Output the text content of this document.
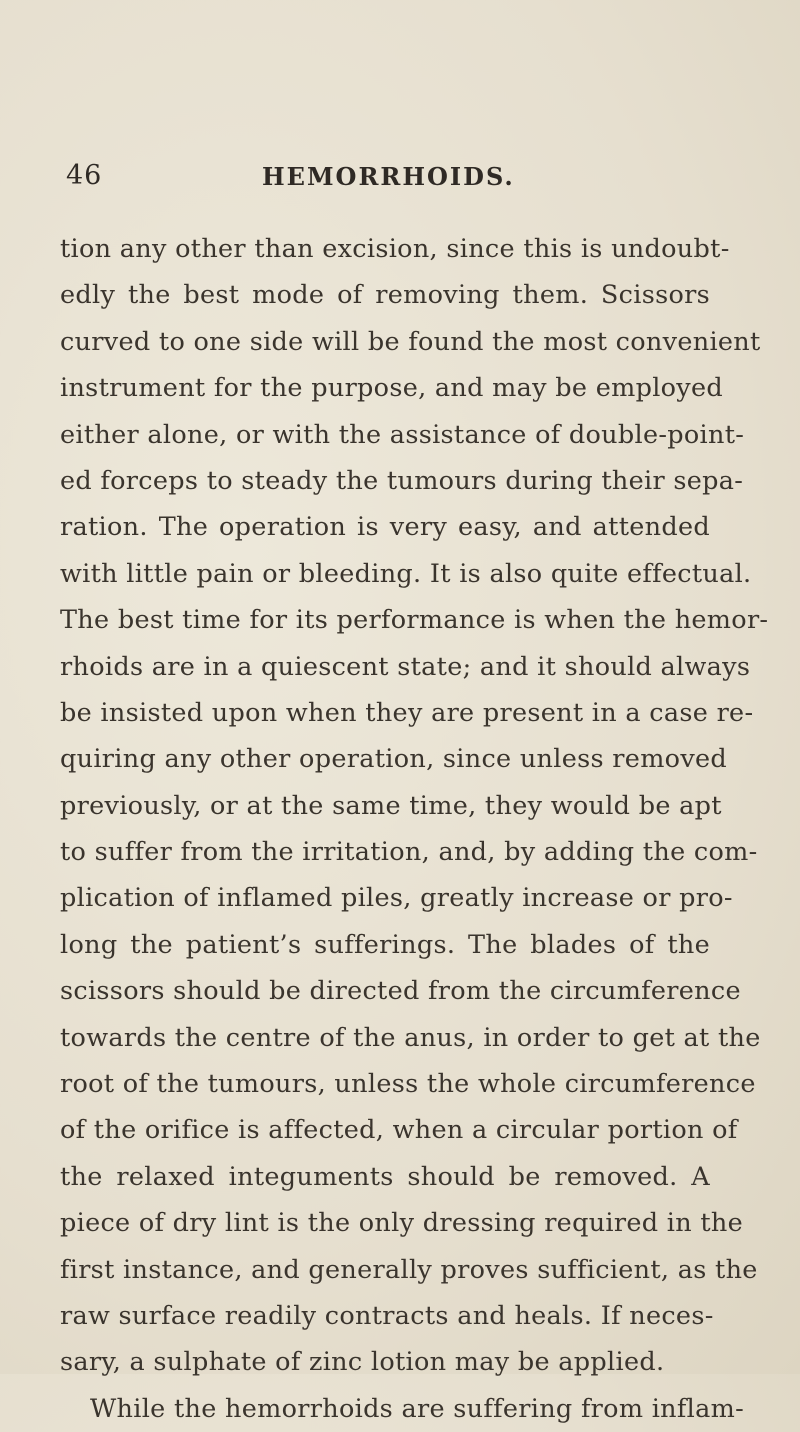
46	HEMORRHOIDS.
tion any other than excision, since this is undoubt-
edly the best mode of removing them. Scissors
curved to one side will be found the most convenient
instrument for the purpose, and may be employed
either alone, or with the assistance of double-point-
ed forceps to steady the tumours during their sepa-
ration. The operation is very easy, and attended
with little pain or bleeding. It is also quite effectual.
The best time for its performance is when the hemor-
rhoids are in a quiescent state; and it should always
be insisted upon when they are present in a case re-
quiring any other operation, since unless removed
previously, or at the same time, they would be apt
to suffer from the irritation, and, by adding the com-
plication of inflamed piles, greatly increase or pro-
long the patient’s sufferings. The blades of the
scissors should be directed from the circumference
towards the centre of the anus, in order to get at the
root of the tumours, unless the whole circumference
of the orifice is affected, when a circular portion of
the relaxed integuments should be removed. A
piece of dry lint is the only dressing required in the
first instance, and generally proves sufficient, as the
raw surface readily contracts and heals. If neces-
sary, a sulphate of zinc lotion may be applied.
While the hemorrhoids are suffering from inflam-
